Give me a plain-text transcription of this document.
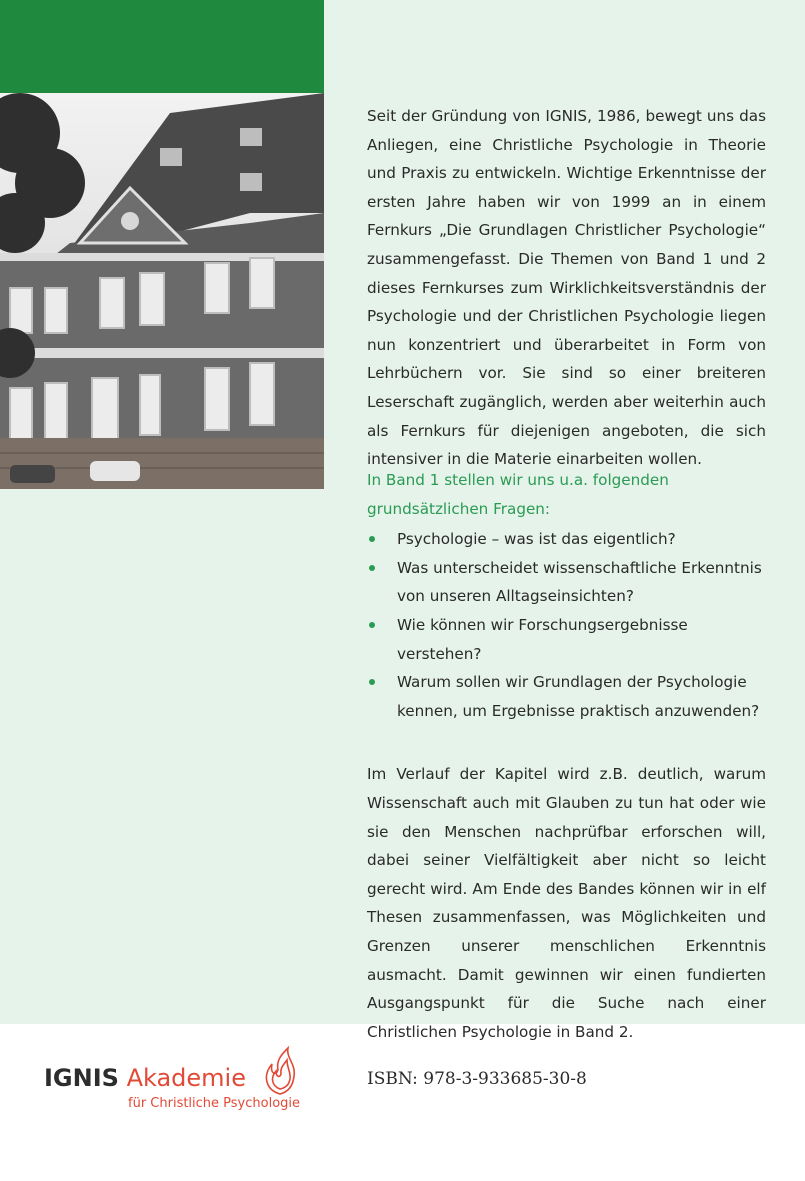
Seit der Gründung von IGNIS, 1986, bewegt uns das Anliegen, eine Christliche Psychologie in Theorie und Praxis zu entwickeln. Wichtige Erkenntnisse der ersten Jahre haben wir von 1999 an in einem Fernkurs „Die Grundlagen Christlicher Psychologie“ zusammengefasst. Die Themen von Band 1 und 2 dieses Fernkurses zum Wirklichkeitsverständnis der Psychologie und der Christlichen Psychologie liegen nun konzentriert und überarbeitet in Form von Lehrbüchern vor. Sie sind so einer breiteren Leserschaft zugänglich, werden aber weiterhin auch als Fernkurs für diejenigen angeboten, die sich intensiver in die Materie einarbeiten wollen.

In Band 1 stellen wir uns u.a. folgenden grundsätzlichen Fragen:

Psychologie – was ist das eigentlich?
Was unterscheidet wissenschaftliche Erkenntnis von unseren Alltagseinsichten?
Wie können wir Forschungsergebnisse verstehen?
Warum sollen wir Grundlagen der Psychologie kennen, um Ergebnisse praktisch anzuwenden?

Im Verlauf der Kapitel wird z.B. deutlich, warum Wissenschaft auch mit Glauben zu tun hat oder wie sie den Menschen nachprüfbar erforschen will, dabei seiner Vielfältigkeit aber nicht so leicht gerecht wird. Am Ende des Bandes können wir in elf Thesen zusammenfassen, was Möglichkeiten und Grenzen unserer menschlichen Erkenntnis ausmacht. Damit gewinnen wir einen fundierten Ausgangspunkt für die Suche nach einer Christlichen Psychologie in Band 2.

IGNIS Akademie
für Christliche Psychologie
ISBN: 978-3-933685-30-8
